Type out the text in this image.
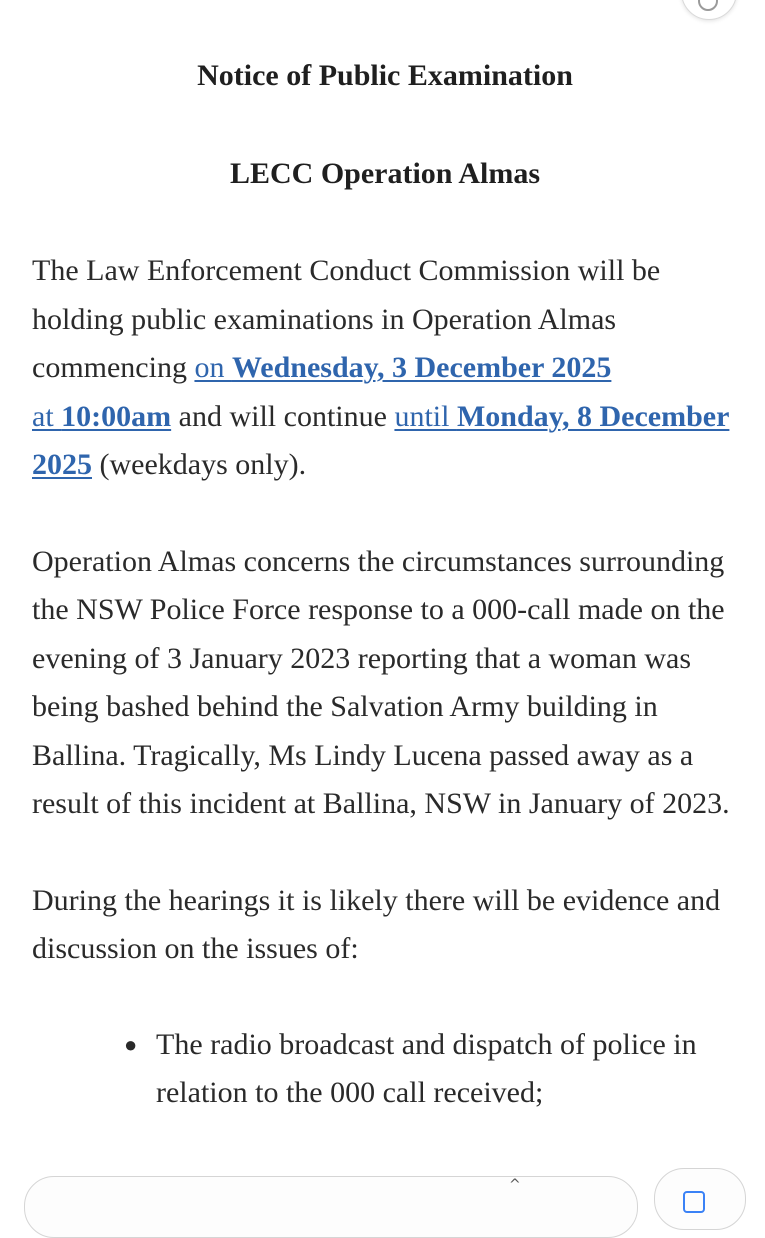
Notice of Public Examination
LECC Operation Almas

The Law Enforcement Conduct Commission will be holding public examinations in Operation Almas commencing on Wednesday, 3 December 2025
at 10:00am and will continue until Monday, 8 December 2025 (weekdays only).

Operation Almas concerns the circumstances surrounding the NSW Police Force response to a 000-call made on the evening of 3 January 2023 reporting that a woman was being bashed behind the Salvation Army building in Ballina. Tragically, Ms Lindy Lucena passed away as a result of this incident at Ballina, NSW in January of 2023.

During the hearings it is likely there will be evidence and discussion on the issues of:

● The radio broadcast and dispatch of police in relation to the 000 call received;
^
